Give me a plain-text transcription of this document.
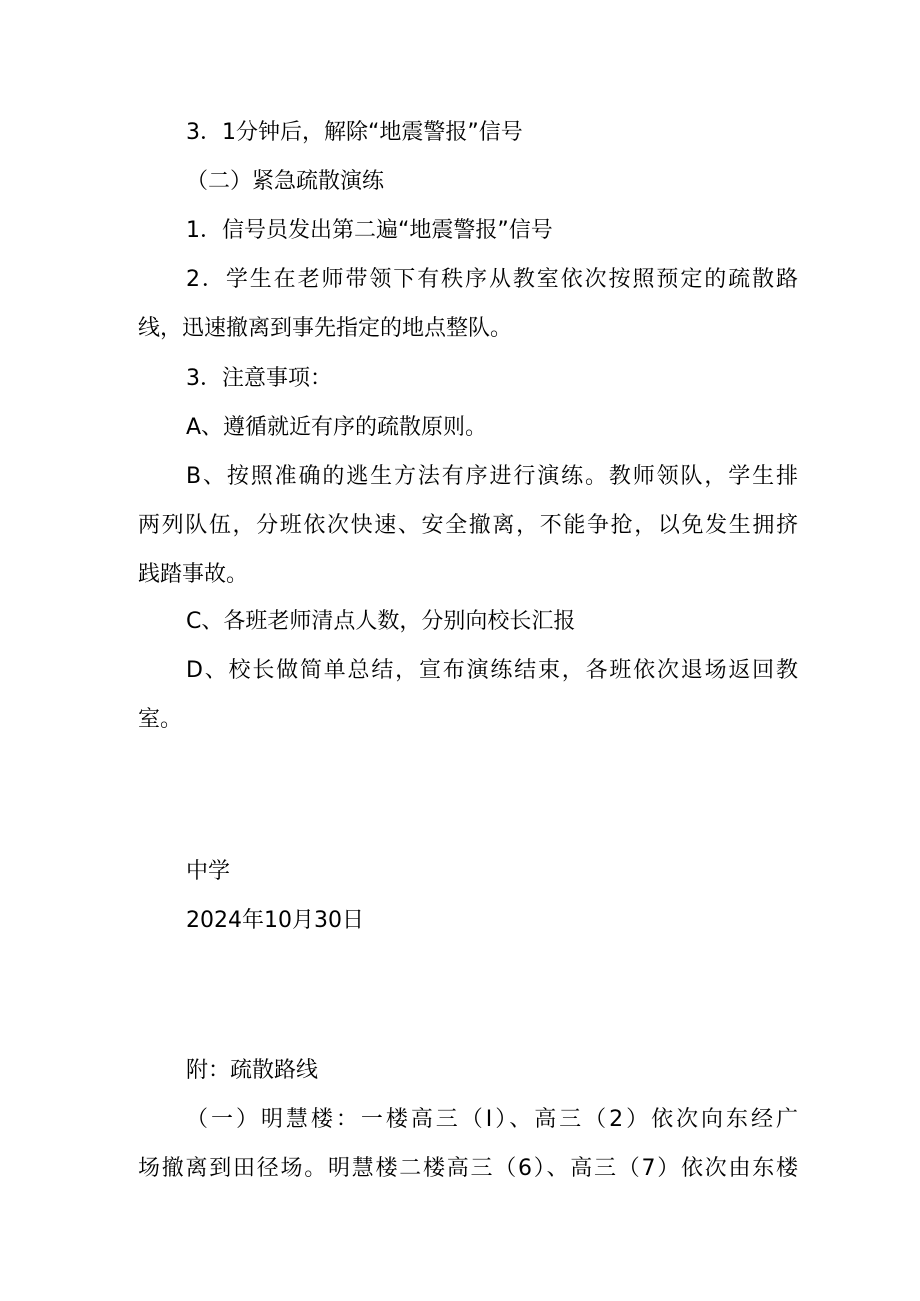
3．1分钟后，解除“地震警报”信号
（二）紧急疏散演练
1．信号员发出第二遍“地震警报”信号
2．学生在老师带领下有秩序从教室依次按照预定的疏散路
线，迅速撤离到事先指定的地点整队。
3．注意事项：
A、遵循就近有序的疏散原则。
B、按照准确的逃生方法有序进行演练。教师领队，学生排
两列队伍，分班依次快速、安全撤离，不能争抢，以免发生拥挤
践踏事故。
C、各班老师清点人数，分别向校长汇报
D、校长做简单总结，宣布演练结束，各班依次退场返回教
室。
中学
2024年10月30日
附：疏散路线
（一）明慧楼：一楼高三（I）、高三（2）依次向东经广
场撤离到田径场。明慧楼二楼高三（6）、高三（7）依次由东楼
